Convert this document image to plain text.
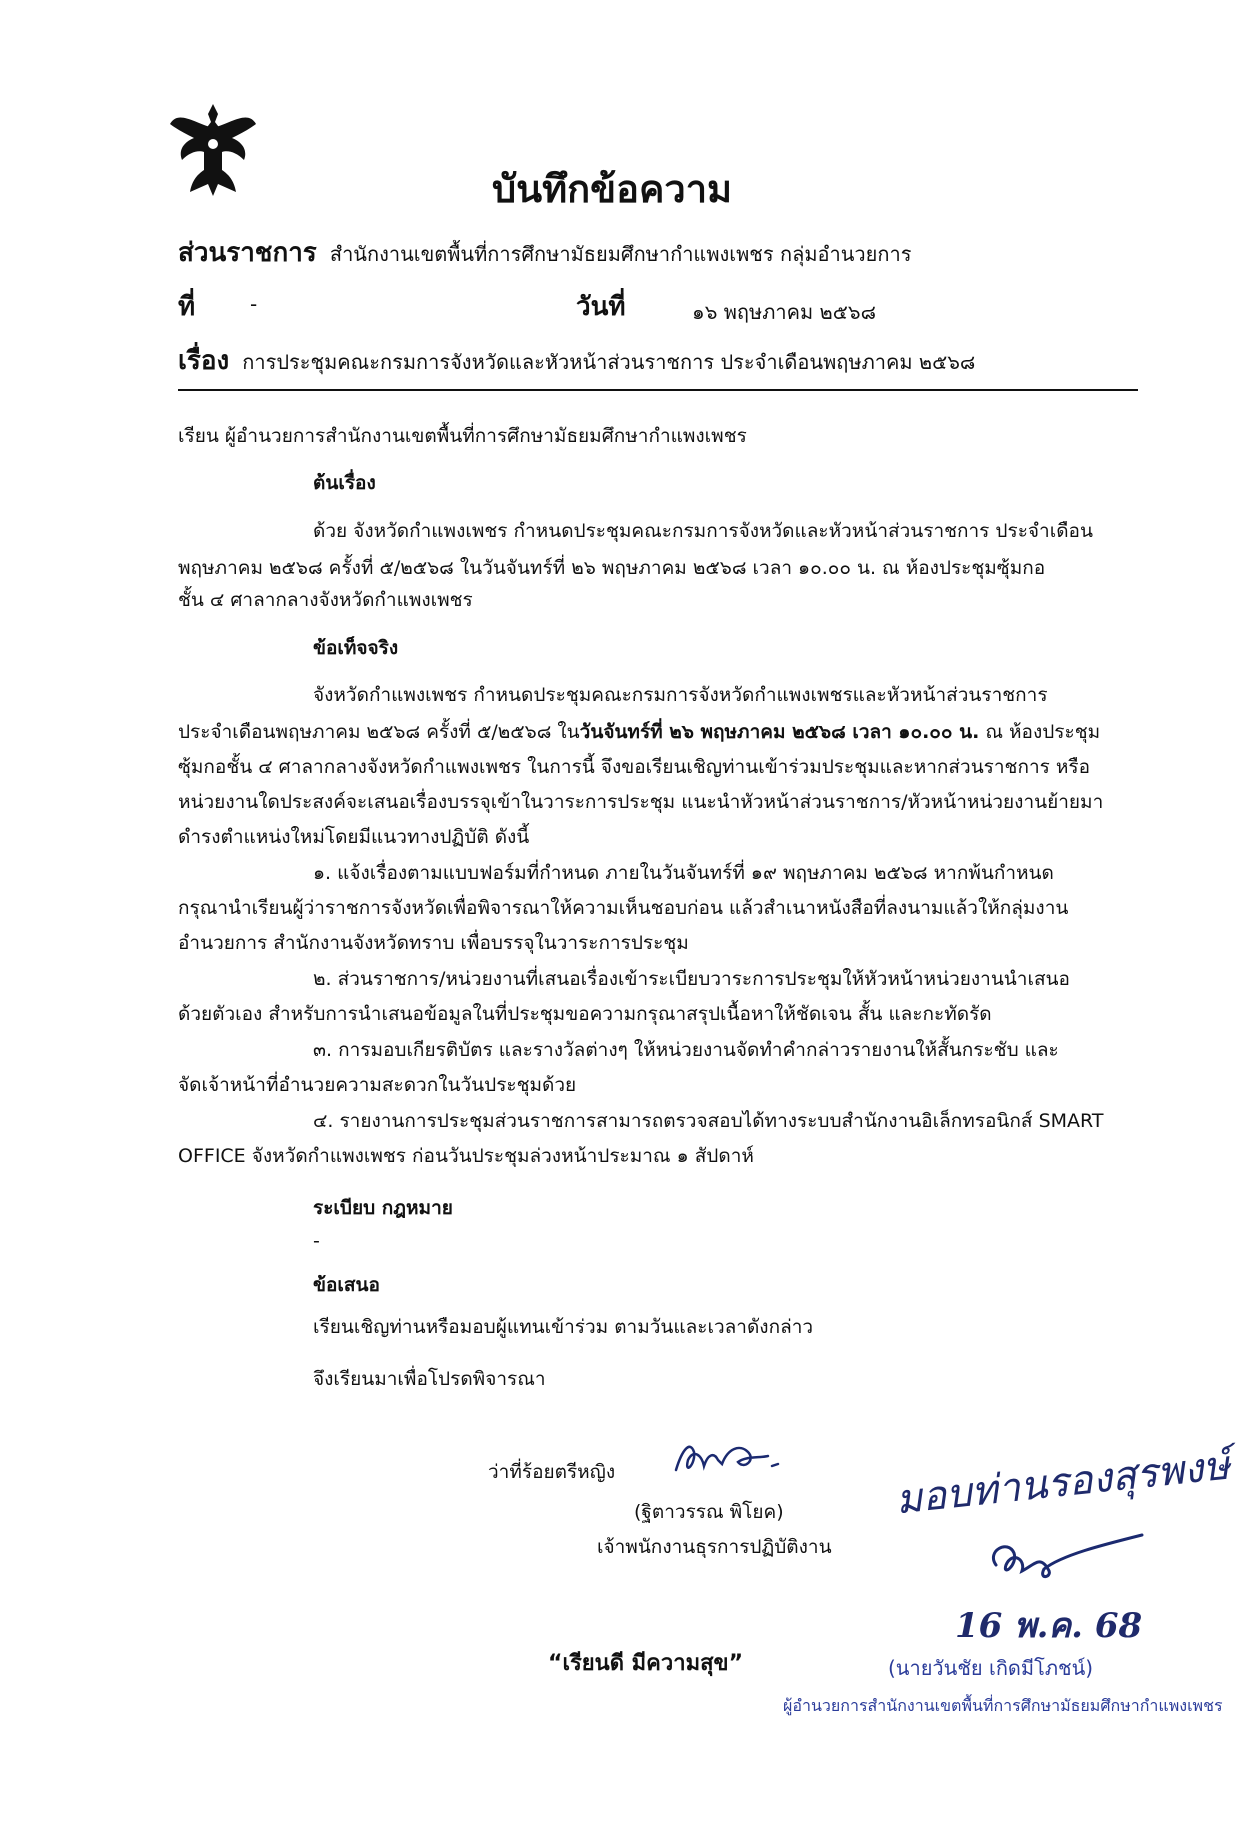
บันทึกข้อความ
ส่วนราชการ สำนักงานเขตพื้นที่การศึกษามัธยมศึกษากำแพงเพชร กลุ่มอำนวยการ
ที่	-	วันที่	๑๖ พฤษภาคม ๒๕๖๘
เรื่อง การประชุมคณะกรมการจังหวัดและหัวหน้าส่วนราชการ ประจำเดือนพฤษภาคม ๒๕๖๘
เรียน ผู้อำนวยการสำนักงานเขตพื้นที่การศึกษามัธยมศึกษากำแพงเพชร
ต้นเรื่อง
ด้วย จังหวัดกำแพงเพชร กำหนดประชุมคณะกรมการจังหวัดและหัวหน้าส่วนราชการ ประจำเดือน
พฤษภาคม ๒๕๖๘ ครั้งที่ ๕/๒๕๖๘ ในวันจันทร์ที่ ๒๖ พฤษภาคม ๒๕๖๘ เวลา ๑๐.๐๐ น. ณ ห้องประชุมซุ้มกอ
ชั้น ๔ ศาลากลางจังหวัดกำแพงเพชร
ข้อเท็จจริง
จังหวัดกำแพงเพชร กำหนดประชุมคณะกรมการจังหวัดกำแพงเพชรและหัวหน้าส่วนราชการ
ประจำเดือนพฤษภาคม ๒๕๖๘ ครั้งที่ ๕/๒๕๖๘ ในวันจันทร์ที่ ๒๖ พฤษภาคม ๒๕๖๘ เวลา ๑๐.๐๐ น. ณ ห้องประชุม
ซุ้มกอชั้น ๔ ศาลากลางจังหวัดกำแพงเพชร ในการนี้ จึงขอเรียนเชิญท่านเข้าร่วมประชุมและหากส่วนราชการ หรือ
หน่วยงานใดประสงค์จะเสนอเรื่องบรรจุเข้าในวาระการประชุม แนะนำหัวหน้าส่วนราชการ/หัวหน้าหน่วยงานย้ายมา
ดำรงตำแหน่งใหม่โดยมีแนวทางปฏิบัติ ดังนี้
๑. แจ้งเรื่องตามแบบฟอร์มที่กำหนด ภายในวันจันทร์ที่ ๑๙ พฤษภาคม ๒๕๖๘ หากพ้นกำหนด
กรุณานำเรียนผู้ว่าราชการจังหวัดเพื่อพิจารณาให้ความเห็นชอบก่อน แล้วสำเนาหนังสือที่ลงนามแล้วให้กลุ่มงาน
อำนวยการ สำนักงานจังหวัดทราบ เพื่อบรรจุในวาระการประชุม
๒. ส่วนราชการ/หน่วยงานที่เสนอเรื่องเข้าระเบียบวาระการประชุมให้หัวหน้าหน่วยงานนำเสนอ
ด้วยตัวเอง สำหรับการนำเสนอข้อมูลในที่ประชุมขอความกรุณาสรุปเนื้อหาให้ชัดเจน สั้น และกะทัดรัด
๓. การมอบเกียรติบัตร และรางวัลต่างๆ ให้หน่วยงานจัดทำคำกล่าวรายงานให้สั้นกระชับ และ
จัดเจ้าหน้าที่อำนวยความสะดวกในวันประชุมด้วย
๔. รายงานการประชุมส่วนราชการสามารถตรวจสอบได้ทางระบบสำนักงานอิเล็กทรอนิกส์ SMART
OFFICE จังหวัดกำแพงเพชร ก่อนวันประชุมล่วงหน้าประมาณ ๑ สัปดาห์
ระเบียบ กฎหมาย
-
ข้อเสนอ
เรียนเชิญท่านหรือมอบผู้แทนเข้าร่วม ตามวันและเวลาดังกล่าว
จึงเรียนมาเพื่อโปรดพิจารณา
ว่าที่ร้อยตรีหญิง
(ฐิตาวรรณ พิโยค)
เจ้าพนักงานธุรการปฏิบัติงาน
“เรียนดี มีความสุข”
มอบท่านรองสุรพงษ์
16 พ.ค. 68
(นายวันชัย เกิดมีโภชน์)
ผู้อำนวยการสำนักงานเขตพื้นที่การศึกษามัธยมศึกษากำแพงเพชร
